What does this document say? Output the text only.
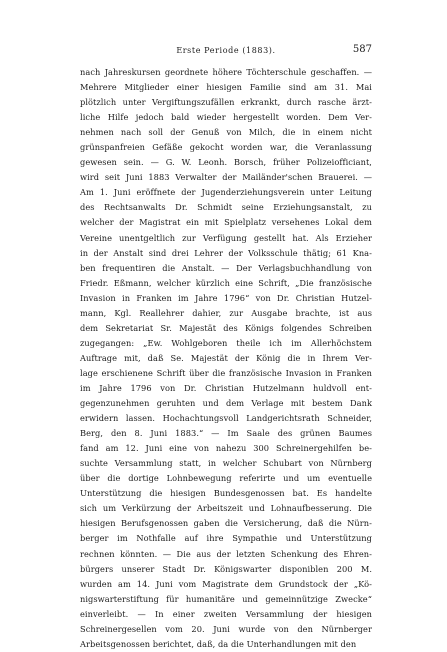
Erste Periode (1883).	587
nach Jahreskursen geordnete höhere Töchterschule geschaffen. —
Mehrere Mitglieder einer hiesigen Familie sind am 31. Mai
plötzlich unter Vergiftungszufällen erkrankt, durch rasche ärzt-
liche Hilfe jedoch bald wieder hergestellt worden. Dem Ver-
nehmen nach soll der Genuß von Milch, die in einem nicht
grünspanfreien Gefäße gekocht worden war, die Veranlassung
gewesen sein. — G. W. Leonh. Borsch, früher Polizeiofficiant,
wird seit Juni 1883 Verwalter der Mailänder'schen Brauerei. —
Am 1. Juni eröffnete der Jugenderziehungsverein unter Leitung
des Rechtsanwalts Dr. Schmidt seine Erziehungsanstalt, zu
welcher der Magistrat ein mit Spielplatz versehenes Lokal dem
Vereine unentgeltlich zur Verfügung gestellt hat. Als Erzieher
in der Anstalt sind drei Lehrer der Volksschule thätig; 61 Kna-
ben frequentiren die Anstalt. — Der Verlagsbuchhandlung von
Friedr. Eßmann, welcher kürzlich eine Schrift, „Die französische
Invasion in Franken im Jahre 1796“ von Dr. Christian Hutzel-
mann, Kgl. Reallehrer dahier, zur Ausgabe brachte, ist aus
dem Sekretariat Sr. Majestät des Königs folgendes Schreiben
zugegangen: „Ew. Wohlgeboren theile ich im Allerhöchstem
Auftrage mit, daß Se. Majestät der König die in Ihrem Ver-
lage erschienene Schrift über die französische Invasion in Franken
im Jahre 1796 von Dr. Christian Hutzelmann huldvoll ent-
gegenzunehmen geruhten und dem Verlage mit bestem Dank
erwidern lassen. Hochachtungsvoll Landgerichtsrath Schneider,
Berg, den 8. Juni 1883.“ — Im Saale des grünen Baumes
fand am 12. Juni eine von nahezu 300 Schreinergehilfen be-
suchte Versammlung statt, in welcher Schubart von Nürnberg
über die dortige Lohnbewegung referirte und um eventuelle
Unterstützung die hiesigen Bundesgenossen bat. Es handelte
sich um Verkürzung der Arbeitszeit und Lohnaufbesserung. Die
hiesigen Berufsgenossen gaben die Versicherung, daß die Nürn-
berger im Nothfalle auf ihre Sympathie und Unterstützung
rechnen könnten. — Die aus der letzten Schenkung des Ehren-
bürgers unserer Stadt Dr. Königswarter disponiblen 200 M.
wurden am 14. Juni vom Magistrate dem Grundstock der „Kö-
nigswarterstiftung für humanitäre und gemeinnützige Zwecke“
einverleibt. — In einer zweiten Versammlung der hiesigen
Schreinergesellen vom 20. Juni wurde von den Nürnberger
Arbeitsgenossen berichtet, daß, da die Unterhandlungen mit den
